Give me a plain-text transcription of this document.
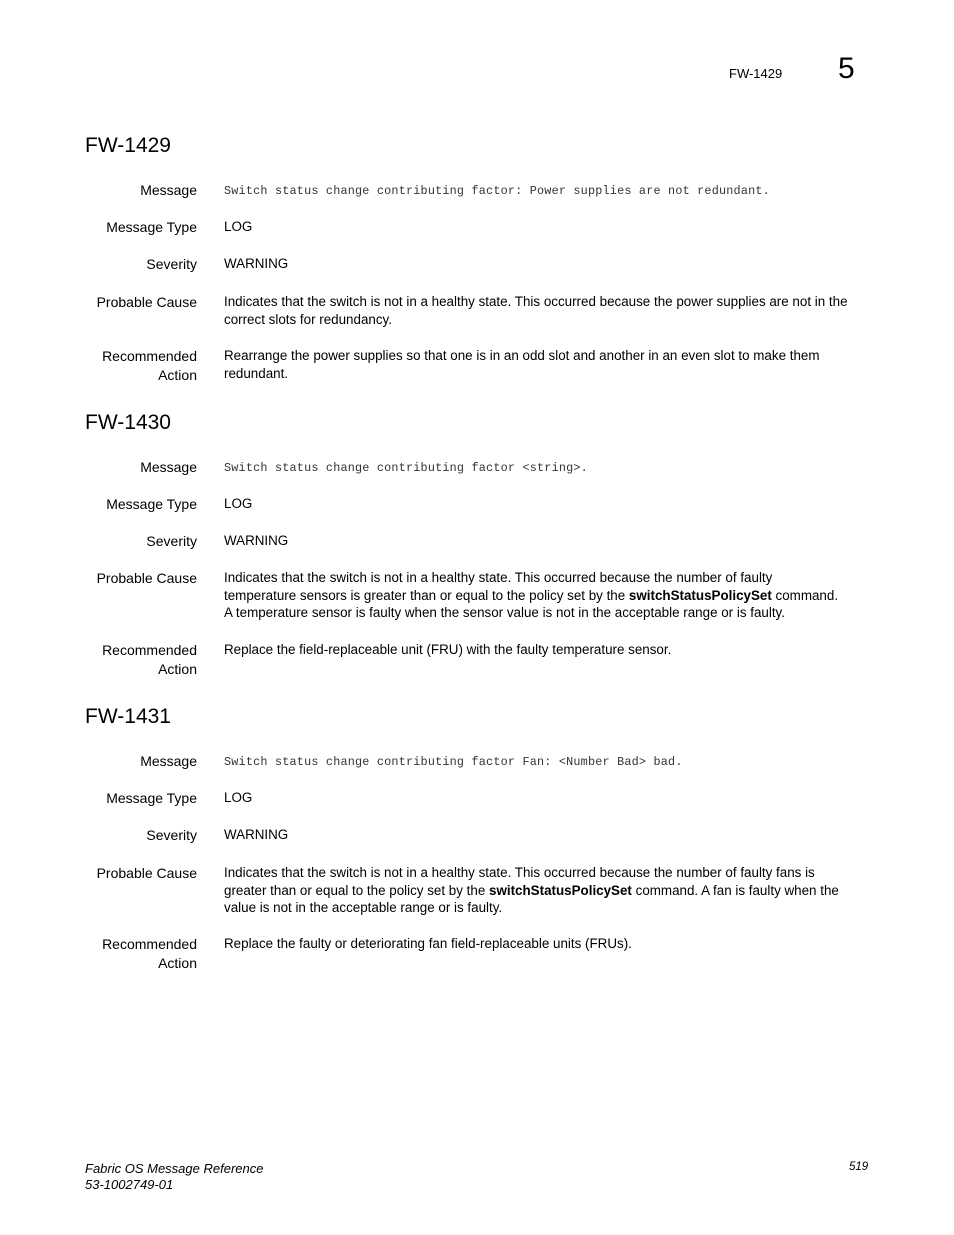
FW-1429 5
FW-1429
Message Switch status change contributing factor: Power supplies are not redundant.
Message Type LOG
Severity WARNING
Probable Cause Indicates that the switch is not in a healthy state. This occurred because the power supplies are not in the
correct slots for redundancy.
Recommended
Action
Rearrange the power supplies so that one is in an odd slot and another in an even slot to make them
redundant.
FW-1430
Message Switch status change contributing factor <string>.
Message Type LOG
Severity WARNING
Probable Cause Indicates that the switch is not in a healthy state. This occurred because the number of faulty
temperature sensors is greater than or equal to the policy set by the switchStatusPolicySet command.
A temperature sensor is faulty when the sensor value is not in the acceptable range or is faulty.
Recommended
Action
Replace the field-replaceable unit (FRU) with the faulty temperature sensor.
FW-1431
Message Switch status change contributing factor Fan: <Number Bad> bad.
Message Type LOG
Severity WARNING
Probable Cause Indicates that the switch is not in a healthy state. This occurred because the number of faulty fans is
greater than or equal to the policy set by the switchStatusPolicySet command. A fan is faulty when the
value is not in the acceptable range or is faulty.
Recommended
Action
Replace the faulty or deteriorating fan field-replaceable units (FRUs).
Fabric OS Message Reference
53-1002749-01
519
